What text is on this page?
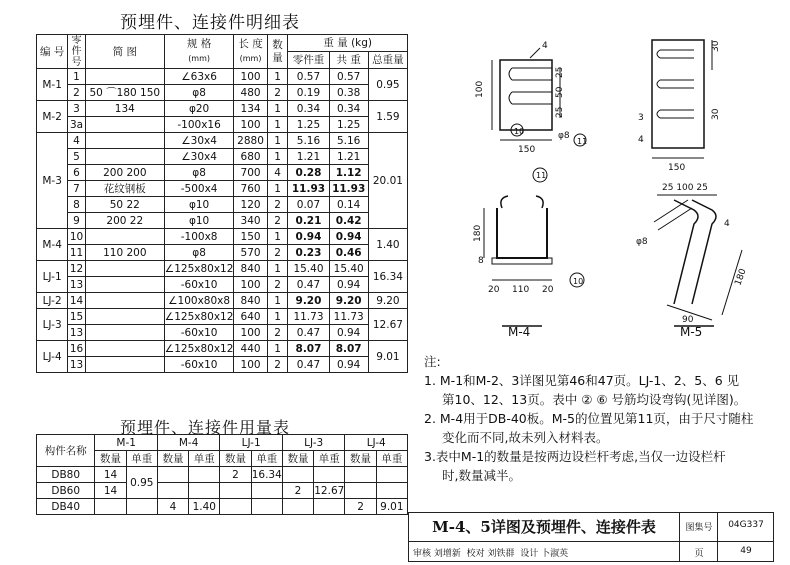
预埋件、连接件明细表
编 号	零件号	简 图	规 格
(mm)	长 度
(mm)	数量	重 量 (kg)		
						零件重	共 重	总重量
M-1	1		∠63x6	100	1	0.57	0.57	0.95
	2	50 ⌒180 150	φ8	480	2	0.19	0.38	
M-2	3	134	φ20	134	1	0.34	0.34	1.59
	3a		-100x16	100	1	1.25	1.25	
M-3	4		∠30x4	2880	1	5.16	5.16	20.01
	5		∠30x4	680	1	1.21	1.21	
	6	200 200	φ8	700	4	0.28	1.12	
	7	花纹钢板	-500x4	760	1	11.93	11.93	
	8	50 22	φ10	120	2	0.07	0.14	
	9	200 22	φ10	340	2	0.21	0.42	
M-4	10		-100x8	150	1	0.94	0.94	1.40
	11	110 200	φ8	570	2	0.23	0.46	
LJ-1	12		∠125x80x12	840	1	15.40	15.40	16.34
	13		-60x10	100	2	0.47	0.94	
LJ-2	14		∠100x80x8	840	1	9.20	9.20	9.20
LJ-3	15		∠125x80x12	640	1	11.73	11.73	12.67
	13		-60x10	100	2	0.47	0.94	
LJ-4	16		∠125x80x12	440	1	8.07	8.07	9.01
	13		-60x10	100	2	0.47	0.94	
预埋件、连接件用量表
构件名称	M-1		M-4		LJ-1		LJ-3		LJ-4	
	数量	单重	数量	单重	数量	单重	数量	单重	数量	单重
DB80	14	0.95			2	16.34				
DB60	14						2	12.67		
DB40			4	1.40					2	9.01
100
150
25
50
25
4
φ8
10
11
30
30
3
4
150
11
10
180
8
20 110 20
M-4
25 100 25
4
φ8
180
90
M-5
注:
1. M-1和M-2、3详图见第46和47页。LJ-1、2、5、6 见
第10、12、13页。表中 ② ⑥ 号筋均设弯钩(见详图)。
2. M-4用于DB-40板。M-5的位置见第11页，由于尺寸随柱
变化而不同,故未列入材料表。
3.表中M-1的数量是按两边设栏杆考虑,当仅一边设栏杆
时,数量减半。
M-4、5详图及预埋件、连接件表	图集号	04G337
审核 刘增新 校对 刘铁群 设计 卜淑英	页	49
